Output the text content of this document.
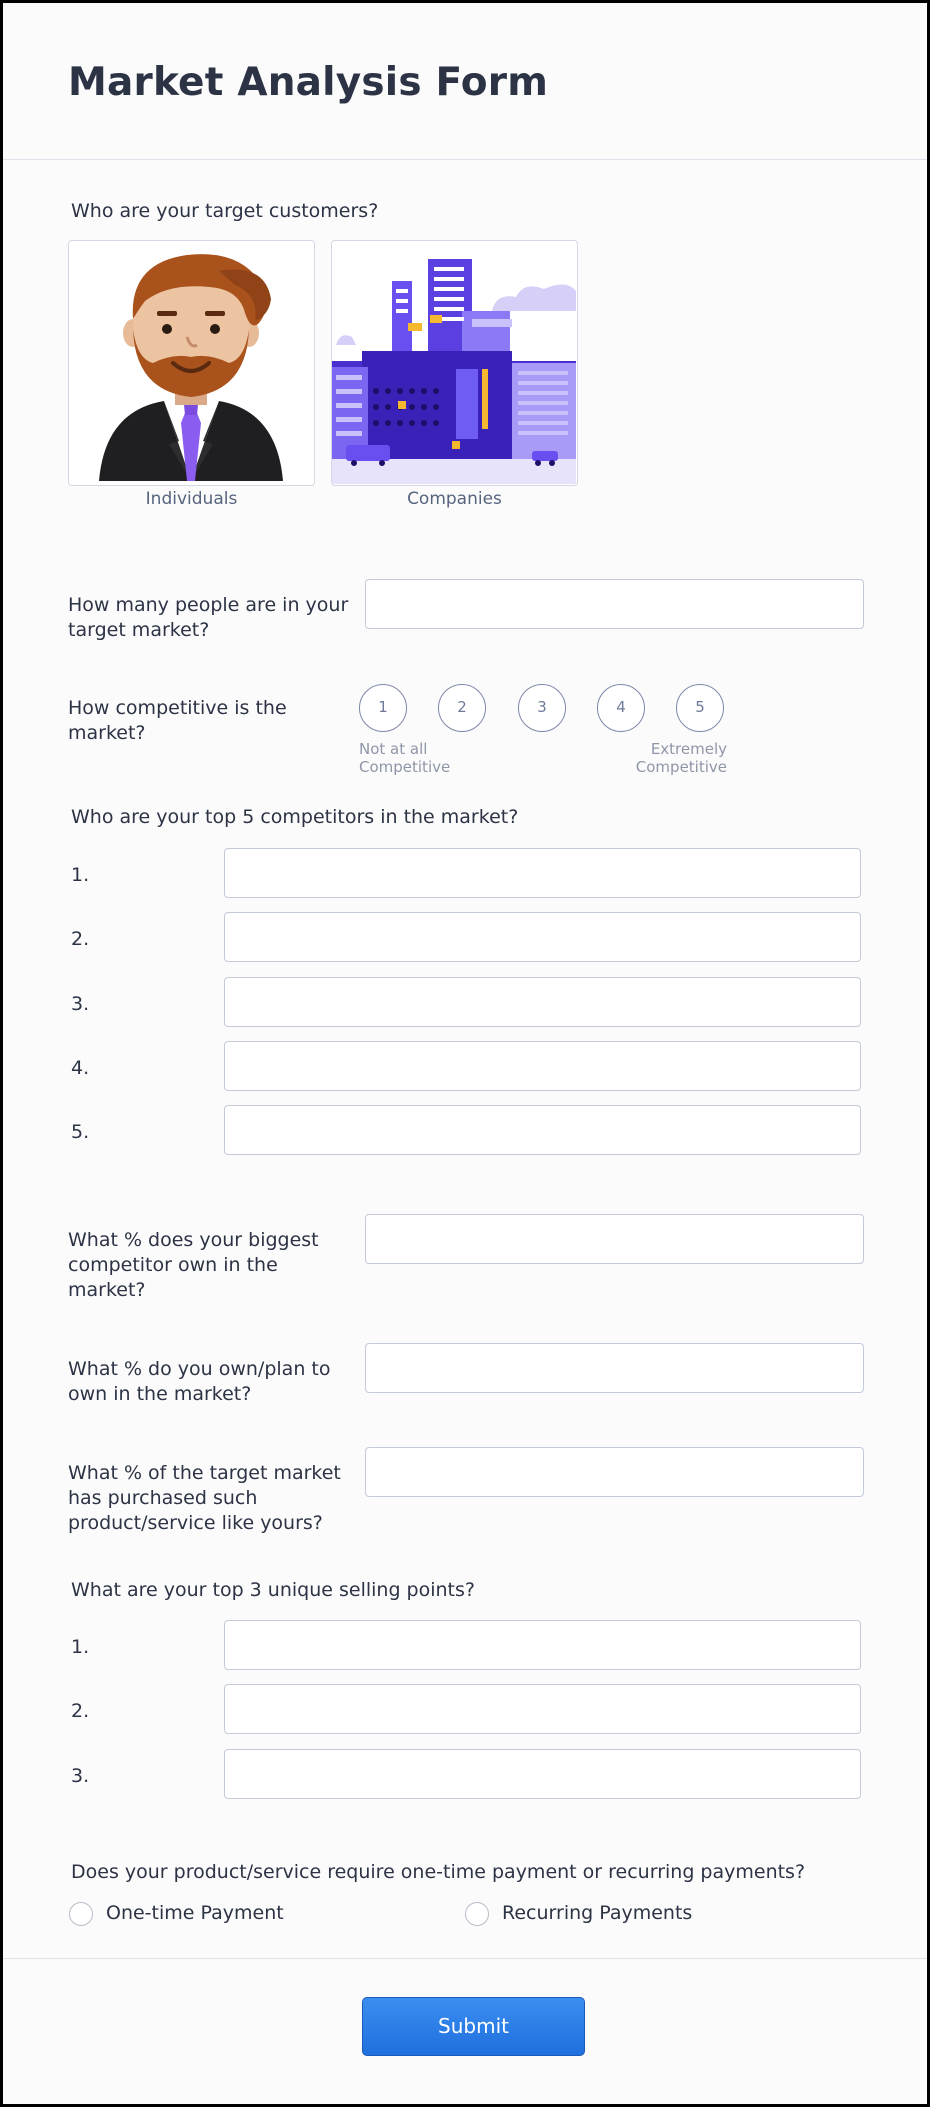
Market Analysis Form
Who are your target customers?
Individuals	Companies
How many people are in your
target market?
How competitive is the
market?
1	2	3	4	5
Not at all
Competitive
Extremely
Competitive
Who are your top 5 competitors in the market?
1.
2.
3.
4.
5.
What % does your biggest
competitor own in the
market?
What % do you own/plan to
own in the market?
What % of the target market
has purchased such
product/service like yours?
What are your top 3 unique selling points?
1.
2.
3.
Does your product/service require one-time payment or recurring payments?
One-time Payment	Recurring Payments
Submit
